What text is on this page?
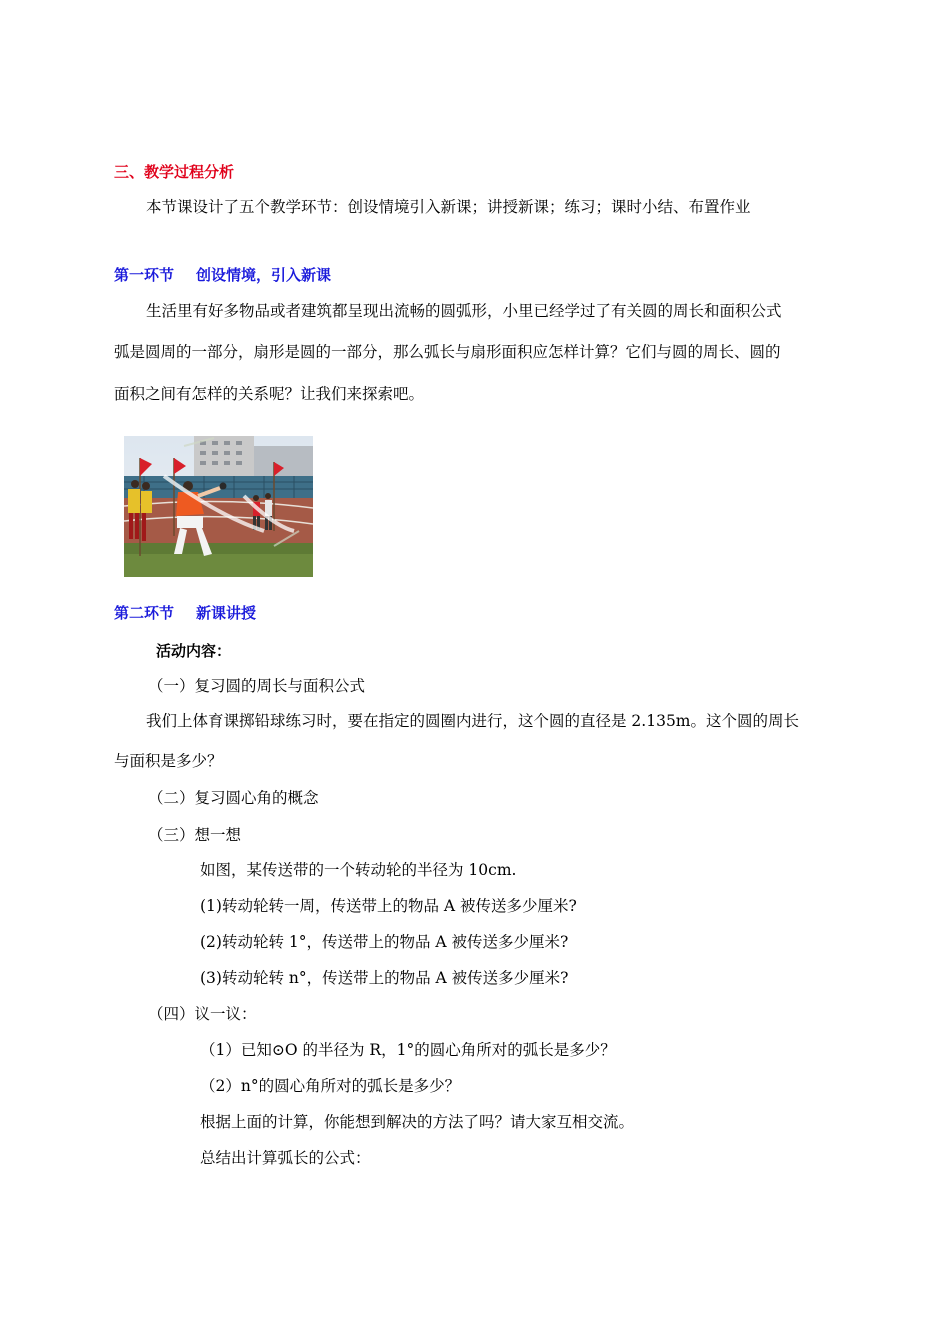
三、教学过程分析
本节课设计了五个教学环节：创设情境引入新课；讲授新课；练习；课时小结、布置作业
第一环节 创设情境，引入新课
生活里有好多物品或者建筑都呈现出流畅的圆弧形，小里已经学过了有关圆的周长和面积公式
弧是圆周的一部分，扇形是圆的一部分，那么弧长与扇形面积应怎样计算？它们与圆的周长、圆的
面积之间有怎样的关系呢？让我们来探索吧。
第二环节 新课讲授
活动内容：
（一）复习圆的周长与面积公式
我们上体育课掷铅球练习时，要在指定的圆圈内进行，这个圆的直径是 2.135m。这个圆的周长
与面积是多少？
（二）复习圆心角的概念
（三）想一想
如图，某传送带的一个转动轮的半径为 10cm.
(1)转动轮转一周，传送带上的物品 A 被传送多少厘米?
(2)转动轮转 1°，传送带上的物品 A 被传送多少厘米?
(3)转动轮转 n°，传送带上的物品 A 被传送多少厘米?
（四）议一议：
（1）已知⊙O 的半径为 R，1°的圆心角所对的弧长是多少？
（2）n°的圆心角所对的弧长是多少？
根据上面的计算，你能想到解决的方法了吗？请大家互相交流。
总结出计算弧长的公式：
